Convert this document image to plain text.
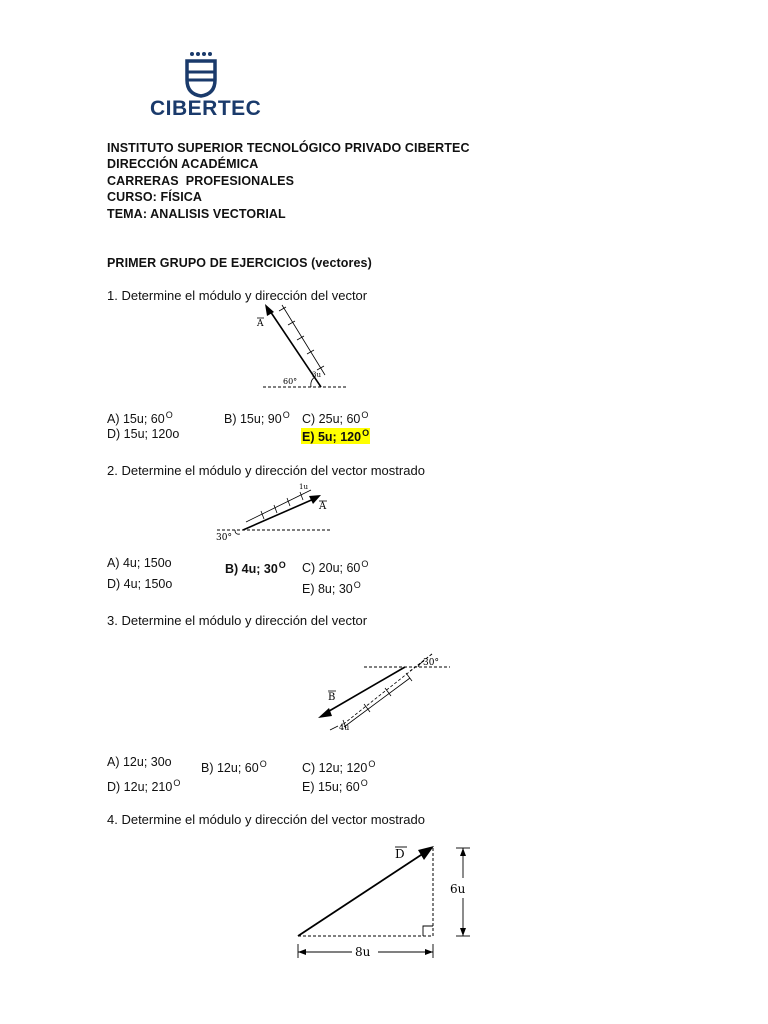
CIBERTEC
INSTITUTO SUPERIOR TECNOLÓGICO PRIVADO CIBERTEC
DIRECCIÓN ACADÉMICA
CARRERAS  PROFESIONALES
CURSO: FÍSICA
TEMA: ANALISIS VECTORIAL
PRIMER GRUPO DE EJERCICIOS (vectores)
1. Determine el módulo y dirección del vector
A
60°
3u
A) 15u; $60^O$	B) 15u; $90^O$ C) 25u; $60^O$
D) 15u; 120o	E) 5u; $120^O$
2. Determine el módulo y dirección del vector mostrado
30°
1u
A
A) 4u; 150o	B) 4u; $30^O$ C) 20u; $60^O$
D) 4u; 150o	E) 8u; $30^O$
3. Determine el módulo y dirección del vector
30°
B
4u
A) 12u; 30o B) 12u; $60^O$	C) 12u; $120^O$
D) 12u; $210^O$	E) 15u; $60^O$
4. Determine el módulo y dirección del vector mostrado
D
6u
8u
